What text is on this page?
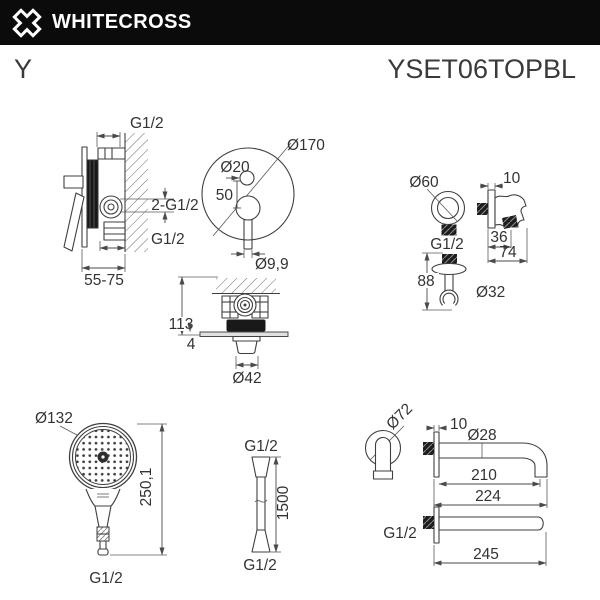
G1/2
2-G1/2
G1/2
55-75
Ø170
Ø20
50
Ø9,9
Ø60
G1/2
10
36
74
88
Ø32
113
4
Ø42
Ø132
250,1
G1/2
G1/2
1500
G1/2
Ø72 10
Ø28
210
224
G1/2
245
WHITECROSS
Y	YSET06TOPBL
